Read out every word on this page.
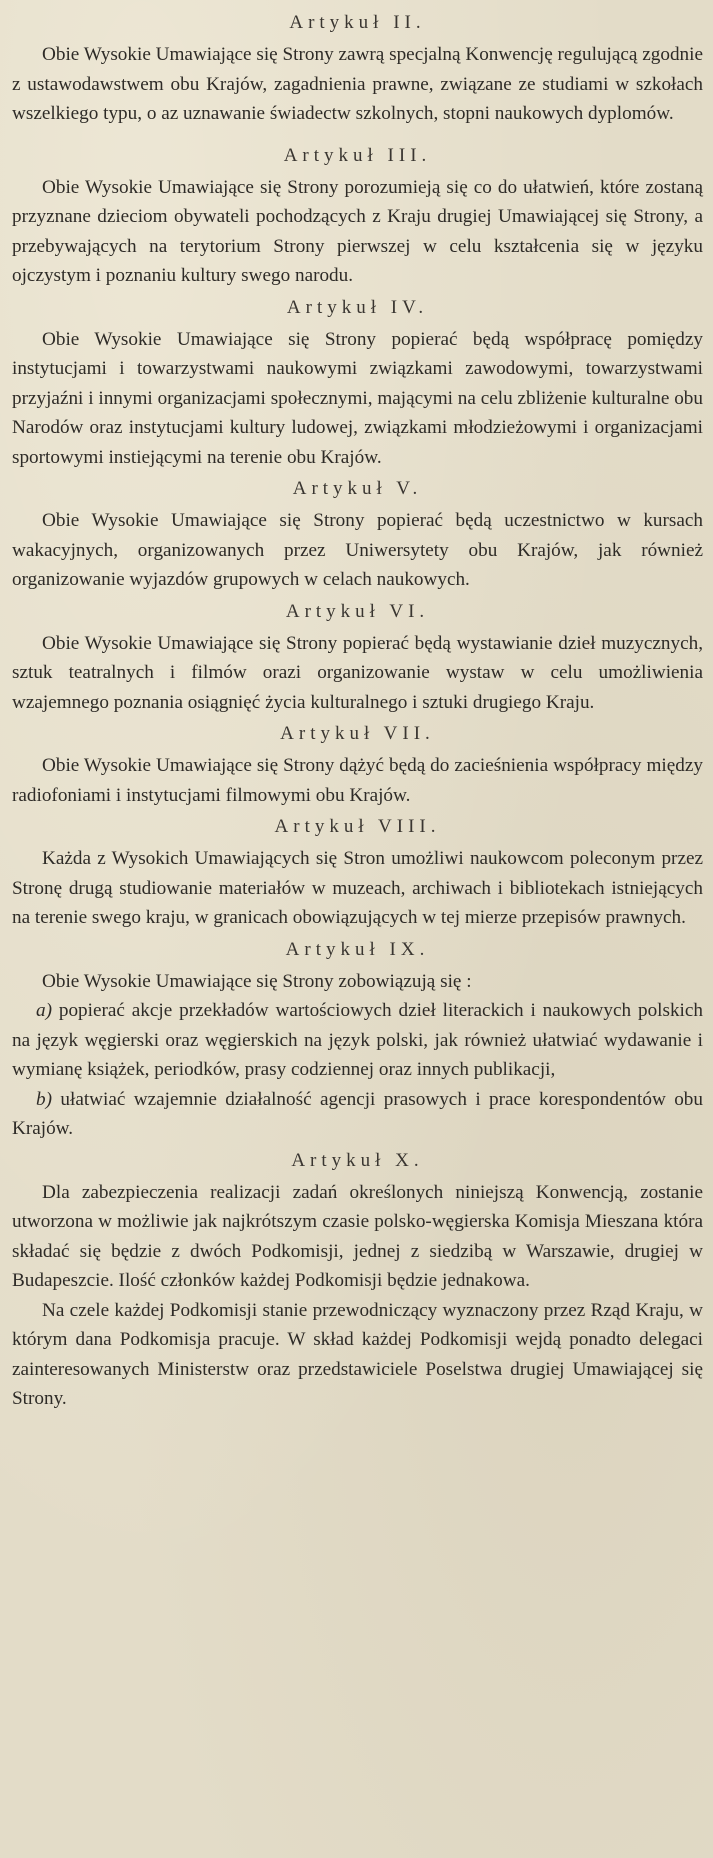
Artykuł II.

Obie Wysokie Umawiające się Strony zawrą specjalną Konwencję regulującą zgodnie z ustawodawstwem obu Krajów, zagadnienia prawne, związane ze studiami w szkołach wszelkiego typu, o az uznawanie świadectw szkolnych, stopni naukowych dyplomów.

Artykuł III.

Obie Wysokie Umawiające się Strony porozumieją się co do ułatwień, które zostaną przyznane dzieciom obywateli pochodzących z Kraju drugiej Umawiającej się Strony, a przebywających na terytorium Strony pierwszej w celu kształcenia się w języku ojczystym i poznaniu kultury swego narodu.

Artykuł IV.

Obie Wysokie Umawiające się Strony popierać będą współpracę pomiędzy instytucjami i towarzystwami naukowymi związkami zawodowymi, towarzystwami przyjaźni i innymi organizacjami społecznymi, mającymi na celu zbliżenie kulturalne obu Narodów oraz instytucjami kultury ludowej, związkami młodzieżowymi i organizacjami sportowymi instiejącymi na terenie obu Krajów.

Artykuł V.

Obie Wysokie Umawiające się Strony popierać będą uczestnictwo w kursach wakacyjnych, organizowanych przez Uniwersytety obu Krajów, jak również organizowanie wyjazdów grupowych w celach naukowych.

Artykuł VI.

Obie Wysokie Umawiające się Strony popierać będą wystawianie dzieł muzycznych, sztuk teatralnych i filmów orazi organizowanie wystaw w celu umożliwienia wzajemnego poznania osiągnięć życia kulturalnego i sztuki drugiego Kraju.

Artykuł VII.

Obie Wysokie Umawiające się Strony dążyć będą do zacieśnienia współpracy między radiofoniami i instytucjami filmowymi obu Krajów.

Artykuł VIII.

Każda z Wysokich Umawiających się Stron umożliwi naukowcom poleconym przez Stronę drugą studiowanie materiałów w muzeach, archiwach i bibliotekach istniejących na terenie swego kraju, w granicach obowiązujących w tej mierze przepisów prawnych.

Artykuł IX.

Obie Wysokie Umawiające się Strony zobowiązują się :

a) popierać akcje przekładów wartościowych dzieł literackich i naukowych polskich na język węgierski oraz węgierskich na język polski, jak również ułatwiać wydawanie i wymianę książek, periodków, prasy codziennej oraz innych publikacji,

b) ułatwiać wzajemnie działalność agencji prasowych i prace korespondentów obu Krajów.

Artykuł X.

Dla zabezpieczenia realizacji zadań określonych niniejszą Konwencją, zostanie utworzona w możliwie jak najkrótszym czasie polsko-węgierska Komisja Mieszana która składać się będzie z dwóch Podkomisji, jednej z siedzibą w Warszawie, drugiej w Budapeszcie. Ilość członków każdej Podkomisji będzie jednakowa.

Na czele każdej Podkomisji stanie przewodniczący wyznaczony przez Rząd Kraju, w którym dana Podkomisja pracuje. W skład każdej Podkomisji wejdą ponadto delegaci zainteresowanych Ministerstw oraz przedstawiciele Poselstwa drugiej Umawiającej się Strony.
